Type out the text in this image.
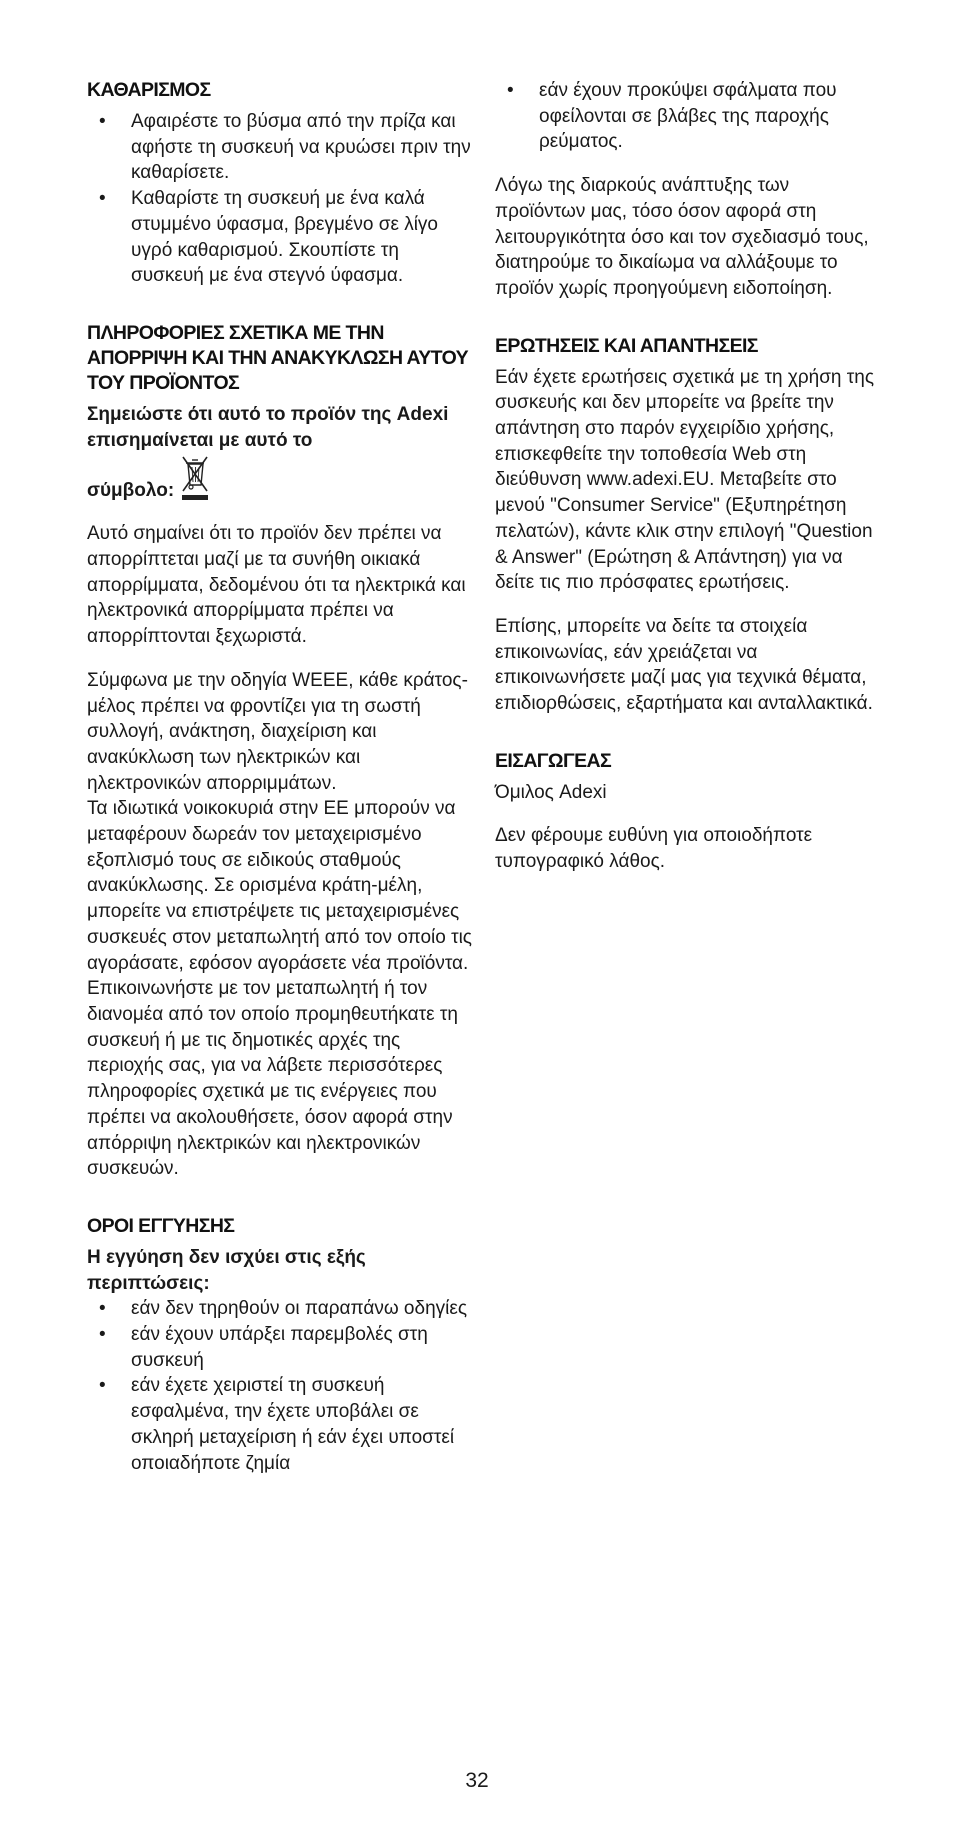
ΚΑΘΑΡΙΣΜΟΣ
• Αφαιρέστε το βύσμα από την πρίζα και αφήστε τη συσκευή να κρυώσει πριν την καθαρίσετε.
• Καθαρίστε τη συσκευή με ένα καλά στυμμένο ύφασμα, βρεγμένο σε λίγο υγρό καθαρισμού. Σκουπίστε τη συσκευή με ένα στεγνό ύφασμα.
ΠΛΗΡΟΦΟΡΙΕΣ ΣΧΕΤΙΚΑ ΜΕ ΤΗΝ ΑΠΟΡΡΙΨΗ ΚΑΙ ΤΗΝ ΑΝΑΚΥΚΛΩΣΗ ΑΥΤΟΥ ΤΟΥ ΠΡΟΪΟΝΤΟΣ

Σημειώστε ότι αυτό το προϊόν της Adexi επισημαίνεται με αυτό το

σύμβολο:

Αυτό σημαίνει ότι το προϊόν δεν πρέπει να απορρίπτεται μαζί με τα συνήθη οικιακά απορρίμματα, δεδομένου ότι τα ηλεκτρικά και ηλεκτρονικά απορρίμματα πρέπει να απορρίπτονται ξεχωριστά.

Σύμφωνα με την οδηγία WEEE, κάθε κράτος-μέλος πρέπει να φροντίζει για τη σωστή συλλογή, ανάκτηση, διαχείριση και ανακύκλωση των ηλεκτρικών και ηλεκτρονικών απορριμμάτων.

Τα ιδιωτικά νοικοκυριά στην ΕΕ μπορούν να μεταφέρουν δωρεάν τον μεταχειρισμένο εξοπλισμό τους σε ειδικούς σταθμούς ανακύκλωσης. Σε ορισμένα κράτη-μέλη, μπορείτε να επιστρέψετε τις μεταχειρισμένες συσκευές στον μεταπωλητή από τον οποίο τις αγοράσατε, εφόσον αγοράσετε νέα προϊόντα. Επικοινωνήστε με τον μεταπωλητή ή τον διανομέα από τον οποίο προμηθευτήκατε τη συσκευή ή με τις δημοτικές αρχές της περιοχής σας, για να λάβετε περισσότερες πληροφορίες σχετικά με τις ενέργειες που πρέπει να ακολουθήσετε, όσον αφορά στην απόρριψη ηλεκτρικών και ηλεκτρονικών συσκευών.

ΟΡΟΙ ΕΓΓΥΗΣΗΣ

Η εγγύηση δεν ισχύει στις εξής περιπτώσεις:

• εάν δεν τηρηθούν οι παραπάνω οδηγίες
• εάν έχουν υπάρξει παρεμβολές στη συσκευή
• εάν έχετε χειριστεί τη συσκευή εσφαλμένα, την έχετε υποβάλει σε σκληρή μεταχείριση ή εάν έχει υποστεί οποιαδήποτε ζημία
• εάν έχουν προκύψει σφάλματα που οφείλονται σε βλάβες της παροχής ρεύματος.

Λόγω της διαρκούς ανάπτυξης των προϊόντων μας, τόσο όσον αφορά στη λειτουργικότητα όσο και τον σχεδιασμό τους, διατηρούμε το δικαίωμα να αλλάξουμε το προϊόν χωρίς προηγούμενη ειδοποίηση.

ΕΡΩΤΗΣΕΙΣ ΚΑΙ ΑΠΑΝΤΗΣΕΙΣ

Εάν έχετε ερωτήσεις σχετικά με τη χρήση της συσκευής και δεν μπορείτε να βρείτε την απάντηση στο παρόν εγχειρίδιο χρήσης, επισκεφθείτε την τοποθεσία Web στη διεύθυνση www.adexi.EU. Μεταβείτε στο μενού "Consumer Service" (Εξυπηρέτηση πελατών), κάντε κλικ στην επιλογή "Question & Answer" (Ερώτηση & Απάντηση) για να δείτε τις πιο πρόσφατες ερωτήσεις.

Επίσης, μπορείτε να δείτε τα στοιχεία επικοινωνίας, εάν χρειάζεται να επικοινωνήσετε μαζί μας για τεχνικά θέματα, επιδιορθώσεις, εξαρτήματα και ανταλλακτικά.

ΕΙΣΑΓΩΓΕΑΣ

Όμιλος Adexi

Δεν φέρουμε ευθύνη για οποιοδήποτε τυπογραφικό λάθος.

32
